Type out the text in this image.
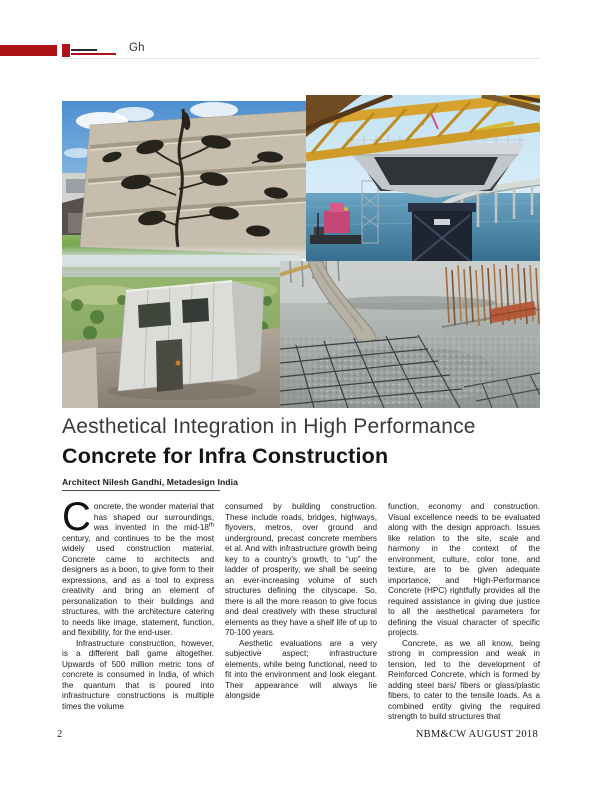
Gh
Aesthetical Integration in High Performance
Concrete for Infra Construction
Architect Nilesh Gandhi, Metadesign India

Concrete, the wonder material that has shaped our surroundings, was invented in the mid-18th century, and continues to be the most widely used construction material. Concrete came to architects and designers as a boon, to give form to their expressions, and as a tool to express creativity and bring an element of personalization to their buildings and structures, with the architecture catering to needs like image, statement, function, and flexibility, for the end-user.

Infrastructure construction, however, is a different ball game altogether. Upwards of 500 million metric tons of concrete is consumed in India, of which the quantum that is poured into infrastructure constructions is multiple times the volume

consumed by building construction. These include roads, bridges, highways, flyovers, metros, over ground and underground, precast concrete members et al. And with infrastructure growth being key to a country’s growth, to “up” the ladder of prosperity, we shall be seeing an ever-increasing volume of such structures defining the cityscape. So, there is all the more reason to give focus and deal creatively with these structural elements as they have a shelf life of up to 70-100 years.

Aesthetic evaluations are a very subjective aspect; infrastructure elements, while being functional, need to fit into the environment and look elegant. Their appearance will always lie alongside

function, economy and construction. Visual excellence needs to be evaluated along with the design approach. Issues like relation to the site, scale and harmony in the context of the environment, culture, color tone, and texture, are to be given adequate importance, and High-Performance Concrete (HPC) rightfully provides all the required assistance in giving due justice to all the aesthetical parameters for defining the visual character of specific projects.

Concrete, as we all know, being strong in compression and weak in tension, led to the development of Reinforced Concrete, which is formed by adding steel bars/ fibers or glass/plastic fibers, to cater to the tensile loads. As a combined entity giving the required strength to build structures that

2	NBM&CW AUGUST 2018
